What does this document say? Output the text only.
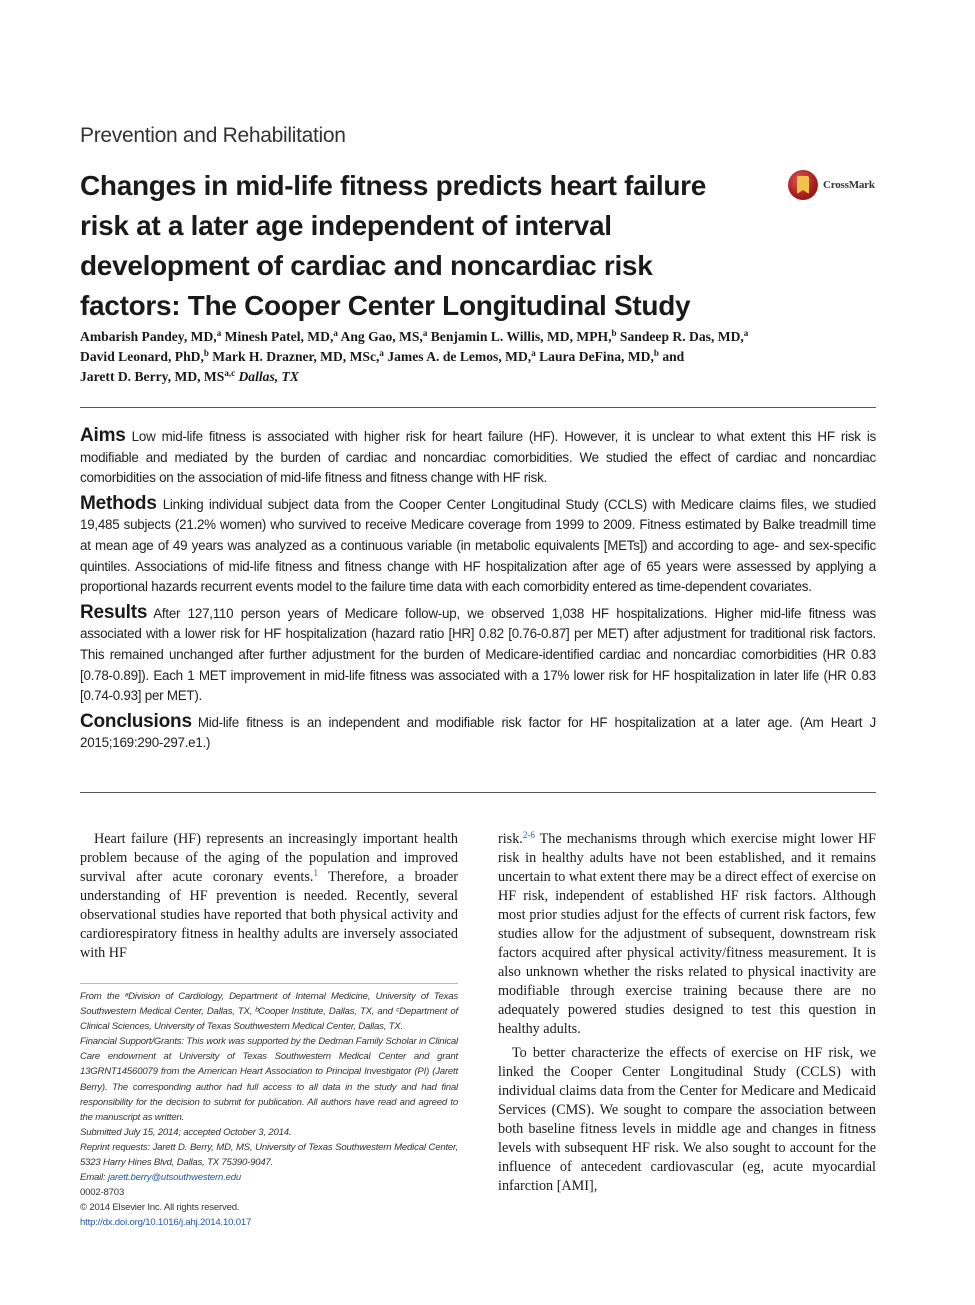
Prevention and Rehabilitation
Changes in mid-life fitness predicts heart failure
risk at a later age independent of interval
development of cardiac and noncardiac risk
factors: The Cooper Center Longitudinal Study
CrossMark
Ambarish Pandey, MD,$^a$ Minesh Patel, MD,$^a$ Ang Gao, MS,$^a$ Benjamin L. Willis, MD, MPH,$^b$ Sandeep R. Das, MD,$^a$
David Leonard, PhD,$^b$ Mark H. Drazner, MD, MSc,$^a$ James A. de Lemos, MD,$^a$ Laura DeFina, MD,$^b$ and
Jarett D. Berry, MD, MS$^{a,c}$ Dallas, TX

Aims Low mid-life fitness is associated with higher risk for heart failure (HF). However, it is unclear to what extent this HF risk is modifiable and mediated by the burden of cardiac and noncardiac comorbidities. We studied the effect of cardiac and noncardiac comorbidities on the association of mid-life fitness and fitness change with HF risk.

Methods Linking individual subject data from the Cooper Center Longitudinal Study (CCLS) with Medicare claims files, we studied 19,485 subjects (21.2% women) who survived to receive Medicare coverage from 1999 to 2009. Fitness estimated by Balke treadmill time at mean age of 49 years was analyzed as a continuous variable (in metabolic equivalents [METs]) and according to age- and sex-specific quintiles. Associations of mid-life fitness and fitness change with HF hospitalization after age of 65 years were assessed by applying a proportional hazards recurrent events model to the failure time data with each comorbidity entered as time-dependent covariates.

Results After 127,110 person years of Medicare follow-up, we observed 1,038 HF hospitalizations. Higher mid-life fitness was associated with a lower risk for HF hospitalization (hazard ratio [HR] 0.82 [0.76-0.87] per MET) after adjustment for traditional risk factors. This remained unchanged after further adjustment for the burden of Medicare-identified cardiac and noncardiac comorbidities (HR 0.83 [0.78-0.89]). Each 1 MET improvement in mid-life fitness was associated with a 17% lower risk for HF hospitalization in later life (HR 0.83 [0.74-0.93] per MET).

Conclusions Mid-life fitness is an independent and modifiable risk factor for HF hospitalization at a later age. (Am Heart J 2015;169:290-297.e1.)

Heart failure (HF) represents an increasingly important health problem because of the aging of the population and improved survival after acute coronary events.$^1$ Therefore, a broader understanding of HF prevention is needed. Recently, several observational studies have reported that both physical activity and cardiorespiratory fitness in healthy adults are inversely associated with HF

From the ᵃDivision of Cardiology, Department of Internal Medicine, University of Texas Southwestern Medical Center, Dallas, TX, ᵇCooper Institute, Dallas, TX, and ᶜDepartment of Clinical Sciences, University of Texas Southwestern Medical Center, Dallas, TX.

Financial Support/Grants: This work was supported by the Dedman Family Scholar in Clinical Care endowment at University of Texas Southwestern Medical Center and grant 13GRNT14560079 from the American Heart Association to Principal Investigator (PI) (Jarett Berry). The corresponding author had full access to all data in the study and had final responsibility for the decision to submit for publication. All authors have read and agreed to the manuscript as written.

Submitted July 15, 2014; accepted October 3, 2014.

Reprint requests: Jarett D. Berry, MD, MS, University of Texas Southwestern Medical Center, 5323 Harry Hines Blvd, Dallas, TX 75390-9047.

Email: jarett.berry@utsouthwestern.edu

0002-8703

© 2014 Elsevier Inc. All rights reserved.

http://dx.doi.org/10.1016/j.ahj.2014.10.017

risk.$^{2-6}$ The mechanisms through which exercise might lower HF risk in healthy adults have not been established, and it remains uncertain to what extent there may be a direct effect of exercise on HF risk, independent of established HF risk factors. Although most prior studies adjust for the effects of current risk factors, few studies allow for the adjustment of subsequent, downstream risk factors acquired after physical activity/fitness measurement. It is also unknown whether the risks related to physical inactivity are modifiable through exercise training because there are no adequately powered studies designed to test this question in healthy adults.

To better characterize the effects of exercise on HF risk, we linked the Cooper Center Longitudinal Study (CCLS) with individual claims data from the Center for Medicare and Medicaid Services (CMS). We sought to compare the association between both baseline fitness levels in middle age and changes in fitness levels with subsequent HF risk. We also sought to account for the influence of antecedent cardiovascular (eg, acute myocardial infarction [AMI],
